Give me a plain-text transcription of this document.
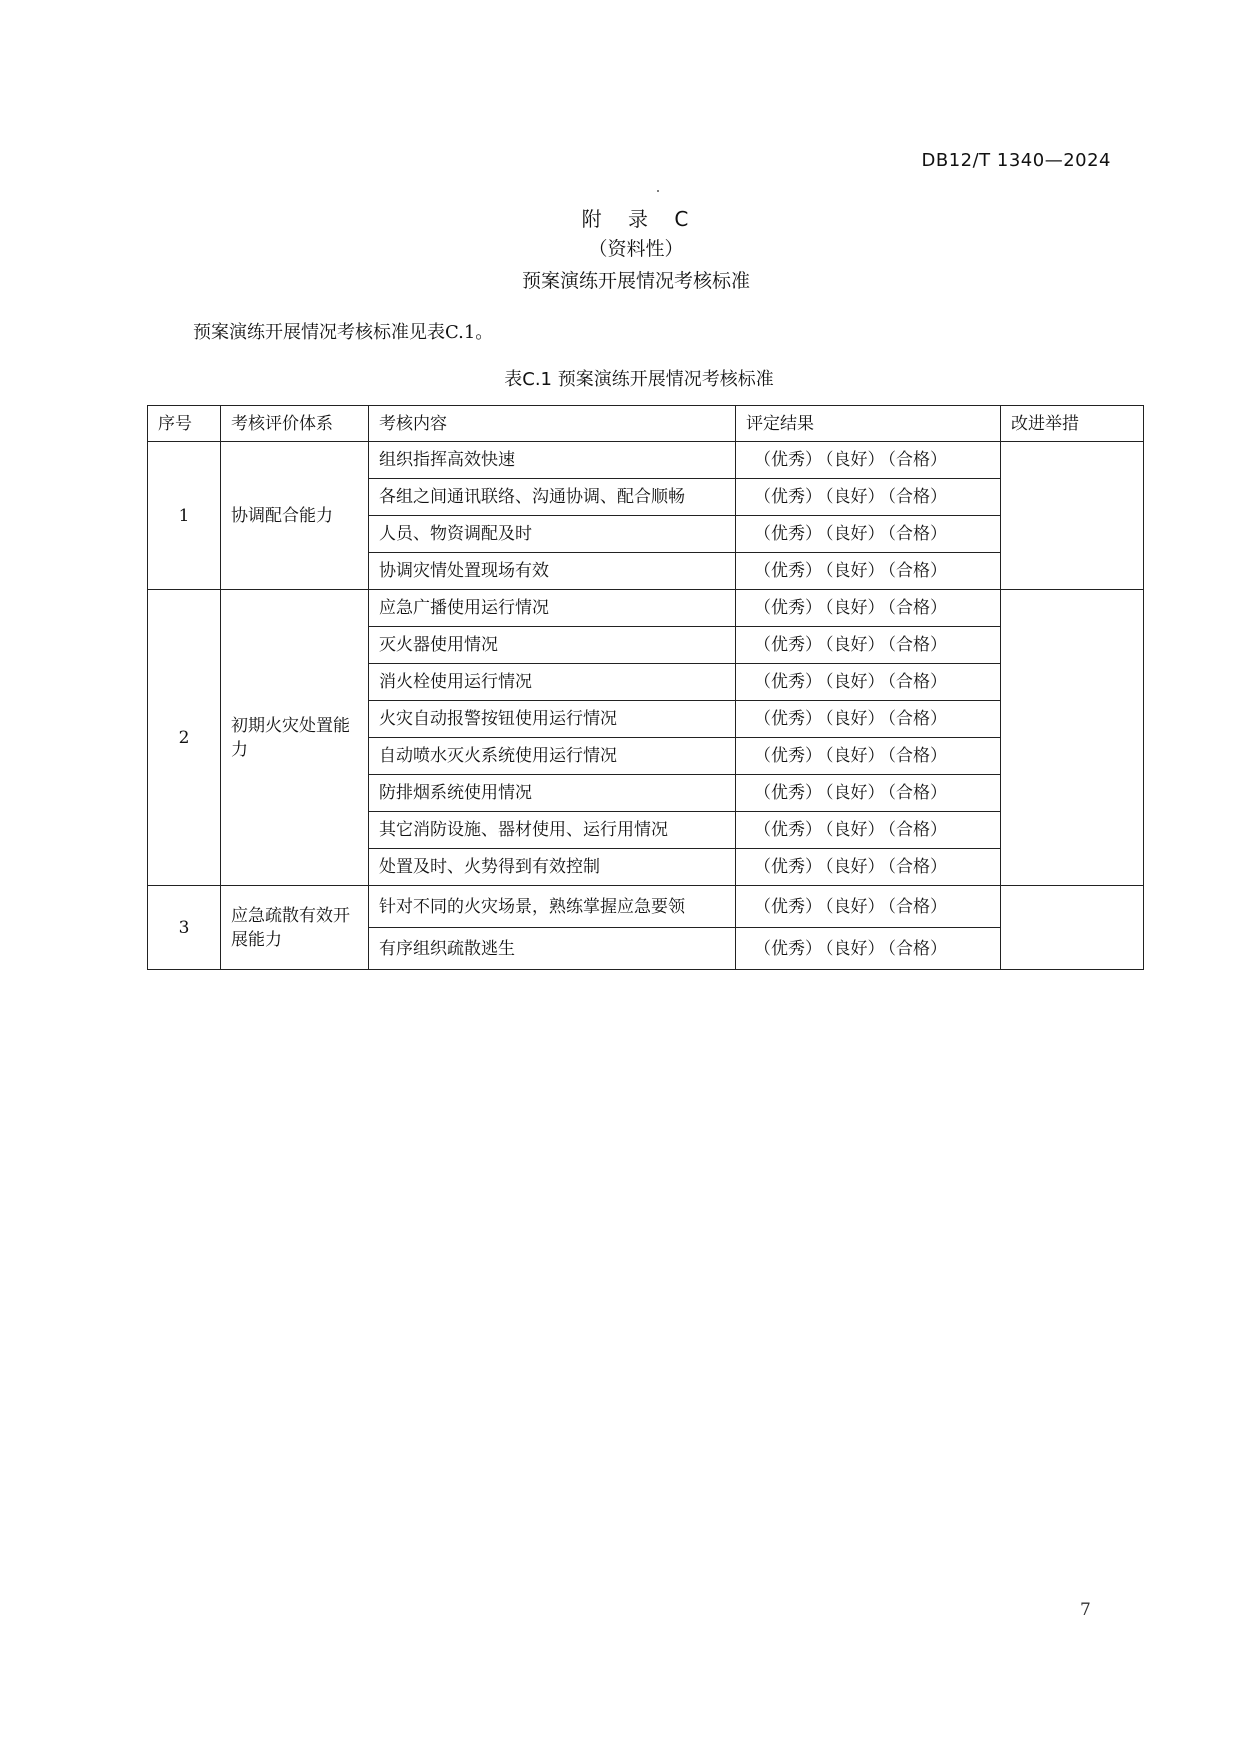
DB12/T 1340—2024
附 录 C
（资料性）
预案演练开展情况考核标准
预案演练开展情况考核标准见表C.1。
表C.1 预案演练开展情况考核标准
序号	考核评价体系	考核内容	评定结果	改进举措
1	协调配合能力	组织指挥高效快速	（优秀） （良好） （合格）	
		各组之间通讯联络、沟通协调、配合顺畅	（优秀） （良好） （合格）	
		人员、物资调配及时	（优秀） （良好） （合格）	
		协调灾情处置现场有效	（优秀） （良好） （合格）	
2	初期火灾处置能力	应急广播使用运行情况	（优秀） （良好） （合格）	
		灭火器使用情况	（优秀） （良好） （合格）	
		消火栓使用运行情况	（优秀） （良好） （合格）	
		火灾自动报警按钮使用运行情况	（优秀） （良好） （合格）	
		自动喷水灭火系统使用运行情况	（优秀） （良好） （合格）	
		防排烟系统使用情况	（优秀） （良好） （合格）	
		其它消防设施、器材使用、运行用情况	（优秀） （良好） （合格）	
		处置及时、火势得到有效控制	（优秀） （良好） （合格）	
3	应急疏散有效开展能力	针对不同的火灾场景，熟练掌握应急要领	（优秀） （良好） （合格）	
		有序组织疏散逃生	（优秀） （良好） （合格）	
7
